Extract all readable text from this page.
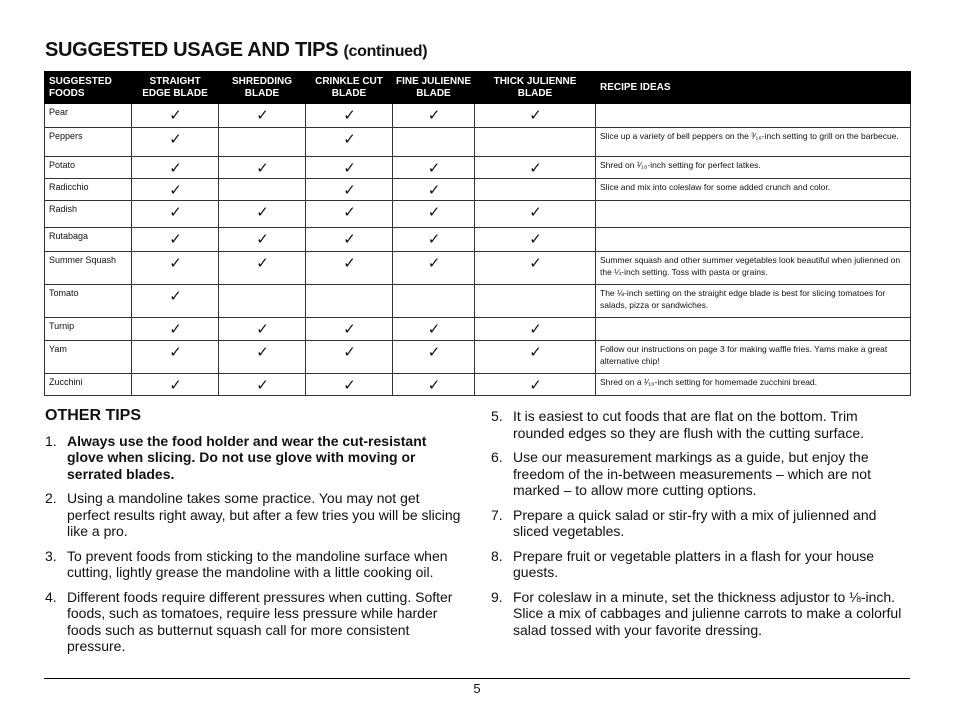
SUGGESTED USAGE AND TIPS (continued)
SUGGESTED FOODS	STRAIGHT EDGE BLADE	SHREDDING BLADE	CRINKLE CUT BLADE	FINE JULIENNE BLADE	THICK JULIENNE BLADE	RECIPE IDEAS
Pear	✓	✓	✓	✓	✓	
Peppers	✓		✓			Slice up a variety of bell peppers on the ³⁄₁₆-inch setting to grill on the barbecue.
Potato	✓	✓	✓	✓	✓	Shred on ¹⁄₁₆-inch setting for perfect latkes.
Radicchio	✓		✓	✓		Slice and mix into coleslaw for some added crunch and color.
Radish	✓	✓	✓	✓	✓	
Rutabaga	✓	✓	✓	✓	✓	
Summer Squash	✓	✓	✓	✓	✓	Summer squash and other summer vegetables look beautiful when julienned on the ¼-inch setting. Toss with pasta or grains.
Tomato	✓					The ⅛-inch setting on the straight edge blade is best for slicing tomatoes for salads, pizza or sandwiches.
Turnip	✓	✓	✓	✓	✓	
Yam	✓	✓	✓	✓	✓	Follow our instructions on page 3 for making waffle fries. Yams make a great alternative chip!
Zucchini	✓	✓	✓	✓	✓	Shred on a ¹⁄₁₆-inch setting for homemade zucchini bread.
OTHER TIPS
1. Always use the food holder and wear the cut-resistant glove when slicing. Do not use glove with moving or serrated blades.
2. Using a mandoline takes some practice. You may not get perfect results right away, but after a few tries you will be slicing like a pro.
3. To prevent foods from sticking to the mandoline surface when cutting, lightly grease the mandoline with a little cooking oil.
4. Different foods require different pressures when cutting. Softer foods, such as tomatoes, require less pressure while harder foods such as butternut squash call for more consistent pressure.
5. It is easiest to cut foods that are flat on the bottom. Trim rounded edges so they are flush with the cutting surface.
6. Use our measurement markings as a guide, but enjoy the freedom of the in-between measurements – which are not marked – to allow more cutting options.
7. Prepare a quick salad or stir-fry with a mix of julienned and sliced vegetables.
8. Prepare fruit or vegetable platters in a flash for your house guests.
9. For coleslaw in a minute, set the thickness adjustor to ⅛-inch. Slice a mix of cabbages and julienne carrots to make a colorful salad tossed with your favorite dressing.
5
